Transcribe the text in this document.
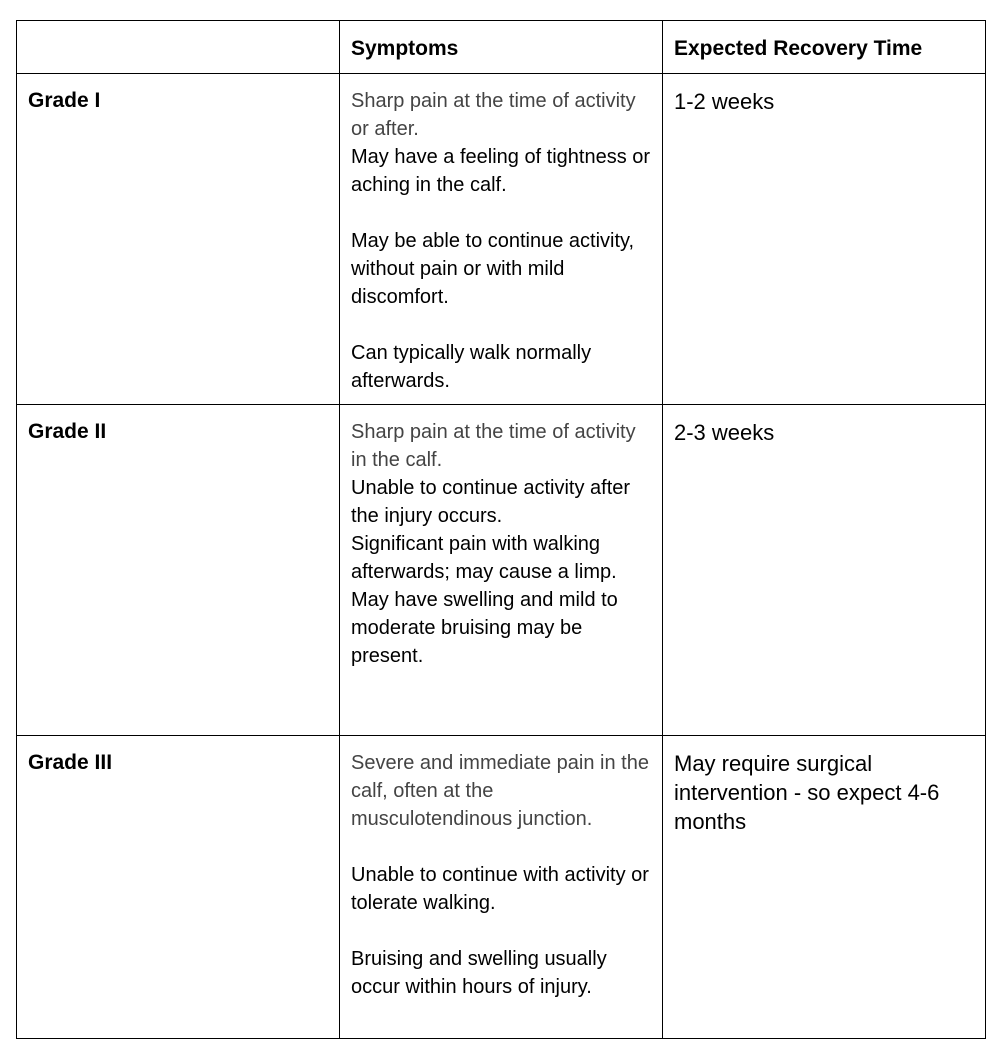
	Symptoms	Expected Recovery Time

Grade I	Sharp pain at the time of activity or after.

May have a feeling of tightness or aching in the calf.

May be able to continue activity, without pain or with mild discomfort.

Can typically walk normally afterwards.	1-2 weeks

Grade II	Sharp pain at the time of activity in the calf.

Unable to continue activity after the injury occurs.

Significant pain with walking afterwards; may cause a limp.

May have swelling and mild to moderate bruising may be present.	2-3 weeks

Grade III	Severe and immediate pain in the calf, often at the musculotendinous junction.

Unable to continue with activity or tolerate walking.

Bruising and swelling usually occur within hours of injury.	May require surgical intervention - so expect 4-6 months
